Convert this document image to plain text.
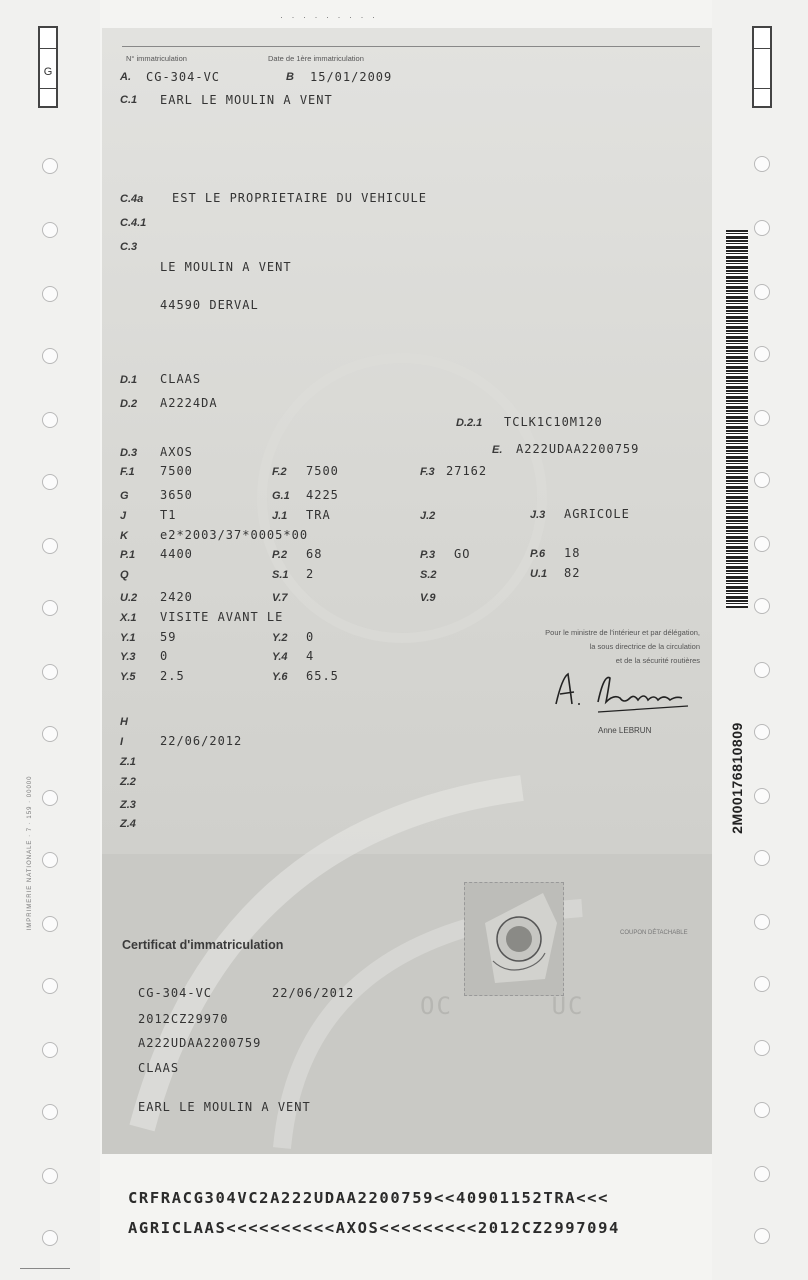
G
IMPRIMERIE NATIONALE · 7 · 159 · 00000	2M00176810809
· · · · · · · · ·
N° immatriculation	Date de 1ère immatriculation
A. CG-304-VC	B 15/01/2009
C.1 EARL LE MOULIN A VENT
C.4a EST LE PROPRIETAIRE DU VEHICULE
C.4.1
C.3
LE MOULIN A VENT
44590 DERVAL
D.1 CLAAS
D.2 A2224DA
D.2.1 TCLK1C10M120
D.3 AXOS	E. A222UDAA2200759
F.1 7500	F.2 7500	F.3 27162
G	3650	G.1 4225
J	T1	J.1 TRA	J.2	J.3 AGRICOLE
K	e2*2003/37*0005*00
P.1 4400	P.2 68	P.3 GO	P.6 18
Q	S.1 2	S.2	U.1 82
U.2 2420	V.7	V.9
X.1 VISITE AVANT LE
Y.1 59	Y.2 0
Y.3 0	Y.4 4
Y.5 2.5	Y.6 65.5
H
I	22/06/2012
Z.1
Z.2
Z.3
Z.4
Pour le ministre de l'intérieur et par délégation,
la sous directrice de la circulation
et de la sécurité routières
Anne LEBRUN
OC      UC
Certificat d'immatriculation
COUPON DÉTACHABLE
CG-304-VC	22/06/2012
2012CZ29970
A222UDAA2200759
CLAAS
EARL LE MOULIN A VENT
CRFRACG304VC2A222UDAA2200759<<40901152TRA<<<
AGRICLAAS<<<<<<<<<<AXOS<<<<<<<<<2012CZ2997094
